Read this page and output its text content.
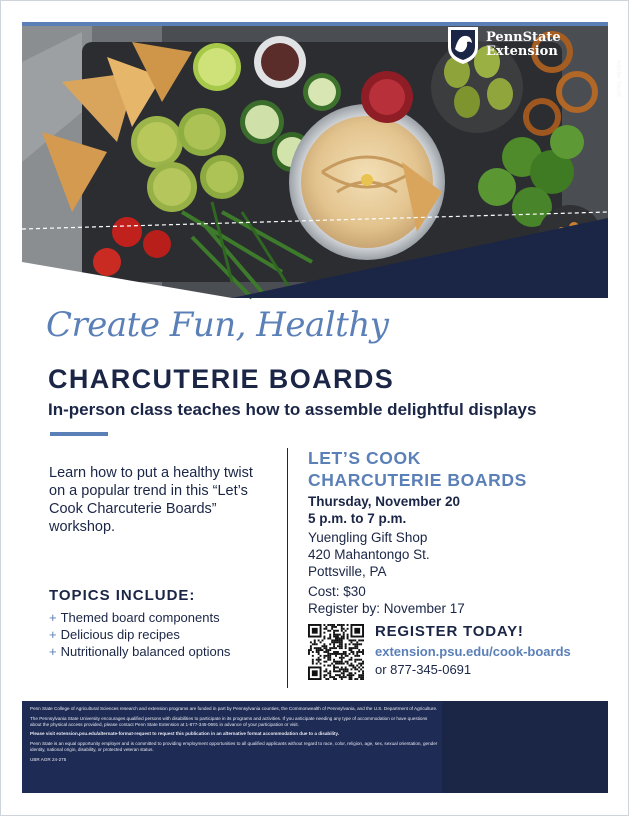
Adobe Stock
Create Fun, Healthy
CHARCUTERIE BOARDS
In-person class teaches how to assemble delightful displays
Learn how to put a healthy twist on a popular trend in this “Let’s Cook Charcuterie Boards” workshop.
TOPICS INCLUDE:
+ Themed board components
+ Delicious dip recipes
+ Nutritionally balanced options
LET’S COOK
CHARCUTERIE BOARDS
Thursday, November 20
5 p.m. to 7 p.m.
Yuengling Gift Shop
420 Mahantongo St.
Pottsville, PA
Cost: $30
Register by: November 17
REGISTER TODAY!
extension.psu.edu/cook-boards
or 877-345-0691

Penn State College of Agricultural Sciences research and extension programs are funded in part by Pennsylvania counties, the Commonwealth of Pennsylvania, and the U.S. Department of Agriculture.

The Pennsylvania State University encourages qualified persons with disabilities to participate in its programs and activities. If you anticipate needing any type of accommodation or have questions about the physical access provided, please contact Penn State Extension at 1-877-345-0691 in advance of your participation or visit.

Please visit extension.psu.edu/alternate-format-request to request this publication in an alternative format accommodation due to a disability.

Penn State is an equal opportunity employer and is committed to providing employment opportunities to all qualified applicants without regard to race, color, religion, age, sex, sexual orientation, gender identity, national origin, disability, or protected veteran status.

UBR AGR 24-275

PennState
Extension
